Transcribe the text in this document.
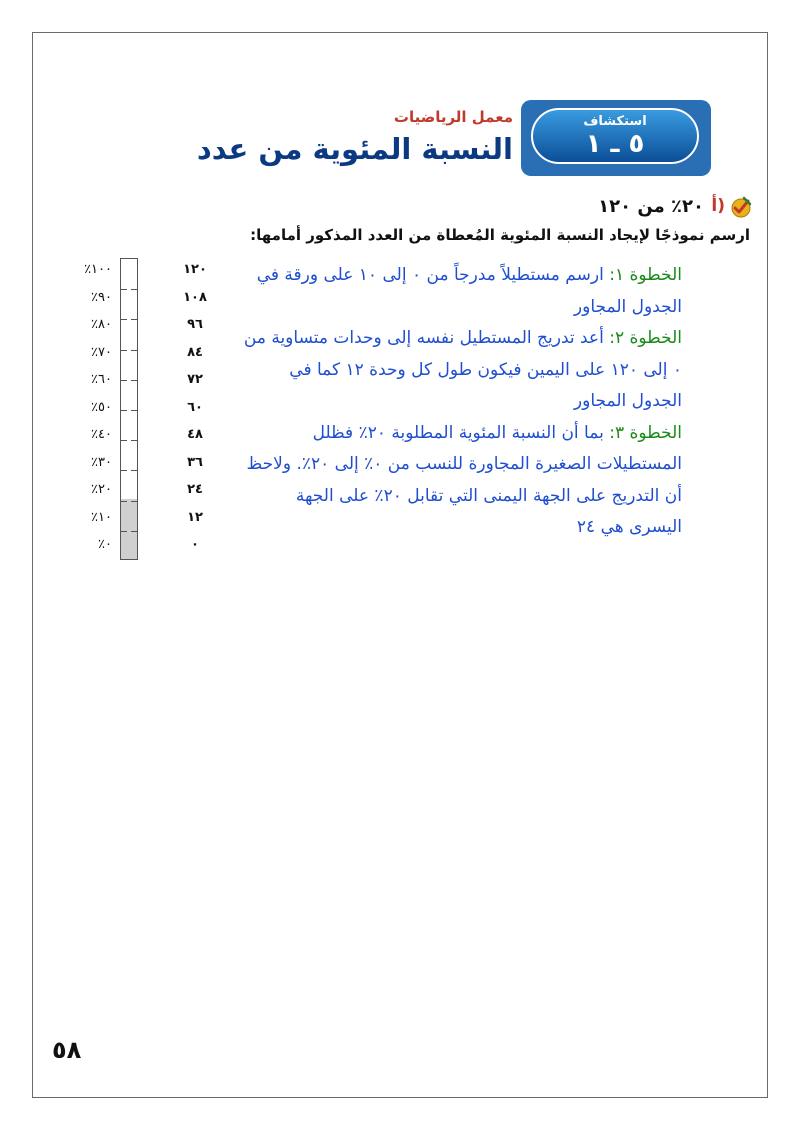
استكشاف
٥ ـ ١
معمل الرياضيات
النسبة المئوية من عدد
أ)
٢٠٪ من ١٢٠
ارسم نموذجًا لإيجاد النسبة المئوية المُعطاة من العدد المذكور أمامها:
٪١٠٠
٪٩٠
٪٨٠
٪٧٠
٪٦٠
٪٥٠
٪٤٠
٪٣٠
٪٢٠
٪١٠
٪٠
١٢٠
١٠٨
٩٦
٨٤
٧٢
٦٠
٤٨
٣٦
٢٤
١٢
٠
الخطوة ١: ارسم مستطيلاً مدرجاً من ٠ إلى ١٠ على ورقة في الجدول المجاور
الخطوة ٢: أعد تدريج المستطيل نفسه إلى وحدات متساوية من ٠ إلى ١٢٠ على اليمين فيكون طول كل وحدة ١٢ كما في الجدول المجاور
الخطوة ٣: بما أن النسبة المئوية المطلوبة ٢٠٪ فظلل المستطيلات الصغيرة المجاورة للنسب من ٠٪ إلى ٢٠٪. ولاحظ أن التدريج على الجهة اليمنى التي تقابل ٢٠٪ على الجهة اليسرى هي ٢٤
٥٨
